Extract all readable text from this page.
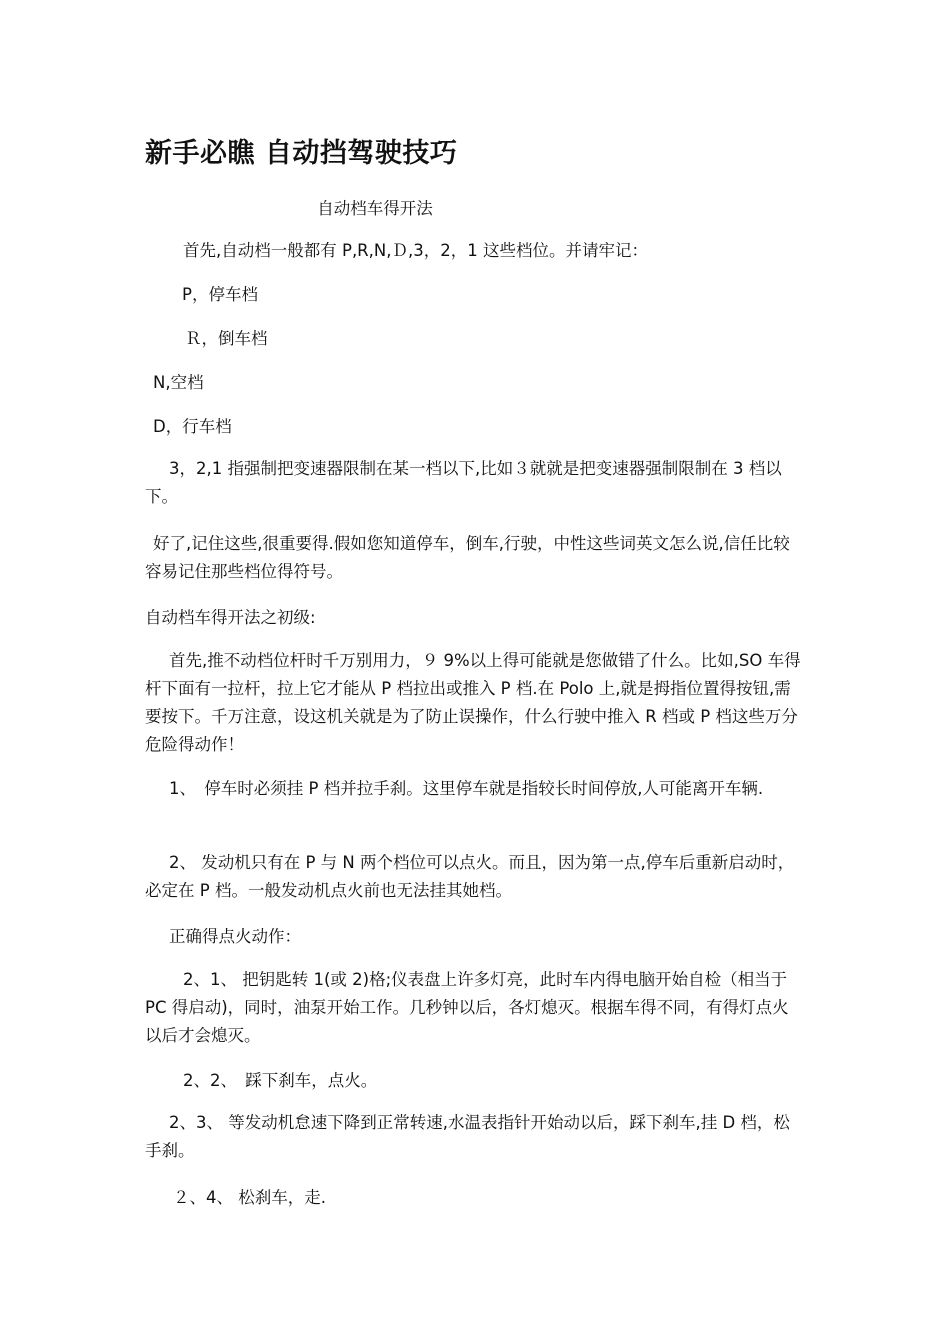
新手必瞧 自动挡驾驶技巧
自动档车得开法
首先,自动档一般都有 P,R,N,Ｄ,3，2，1 这些档位。并请牢记：
P，停车档
Ｒ，倒车档
N,空档
D，行车档
3，2,1 指强制把变速器限制在某一档以下,比如３就就是把变速器强制限制在 3 档以下。
好了,记住这些,很重要得.假如您知道停车，倒车,行驶，中性这些词英文怎么说,信任比较容易记住那些档位得符号。
自动档车得开法之初级:
首先,推不动档位杆时千万别用力，９ 9%以上得可能就是您做错了什么。比如,SO 车得杆下面有一拉杆，拉上它才能从 P 档拉出或推入 P 档.在 Polo 上,就是拇指位置得按钮,需要按下。千万注意，设这机关就是为了防止误操作，什么行驶中推入 R 档或 P 档这些万分危险得动作！
1、　停车时必须挂 P 档并拉手刹。这里停车就是指较长时间停放,人可能离开车辆.
2、 发动机只有在 P 与 N 两个档位可以点火。而且，因为第一点,停车后重新启动时，必定在 P 档。一般发动机点火前也无法挂其她档。
正确得点火动作：
2、1、 把钥匙转 1(或 2)格;仪表盘上许多灯亮，此时车内得电脑开始自检（相当于 PC 得启动)，同时，油泵开始工作。几秒钟以后，各灯熄灭。根据车得不同，有得灯点火以后才会熄灭。
2、2、　踩下刹车，点火。
2、3、 等发动机怠速下降到正常转速,水温表指针开始动以后，踩下刹车,挂 D 档，松手刹。
２、4、 松刹车，走.
